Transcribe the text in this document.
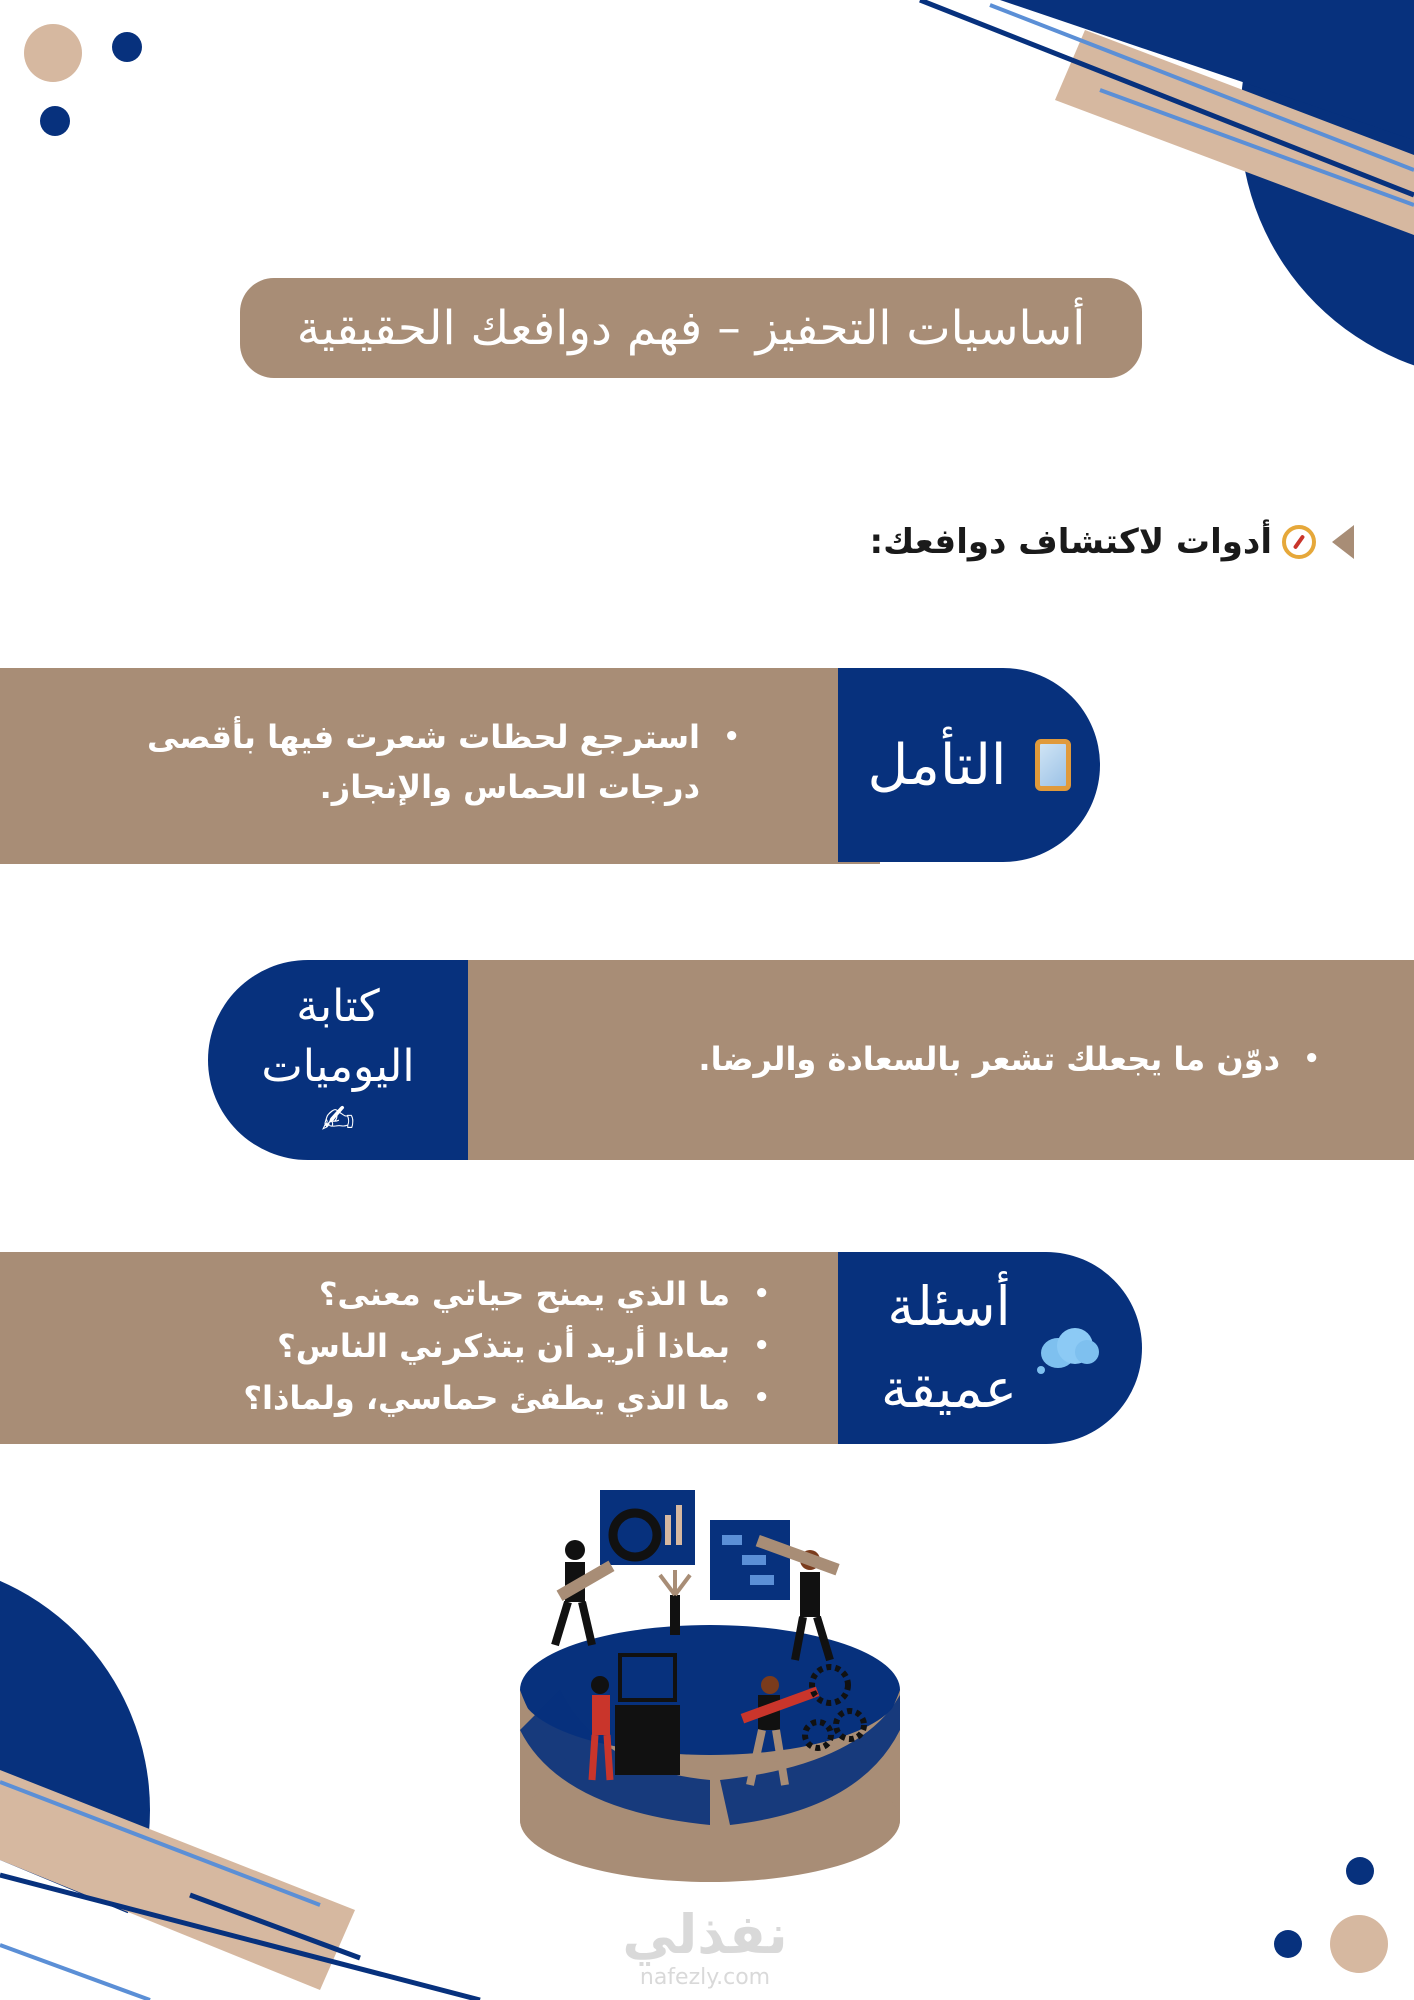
أساسيات التحفيز – فهم دوافعك الحقيقية
أدوات لاكتشاف دوافعك:
التأمل
• استرجع لحظات شعرت فيها بأقصى درجات الحماس والإنجاز.
كتابة
اليوميات
✍
• دوّن ما يجعلك تشعر بالسعادة والرضا.
أسئلة
عميقة
• ما الذي يمنح حياتي معنى؟
• بماذا أريد أن يتذكرني الناس؟
• ما الذي يطفئ حماسي، ولماذا؟
نفذلي
nafezly.com
